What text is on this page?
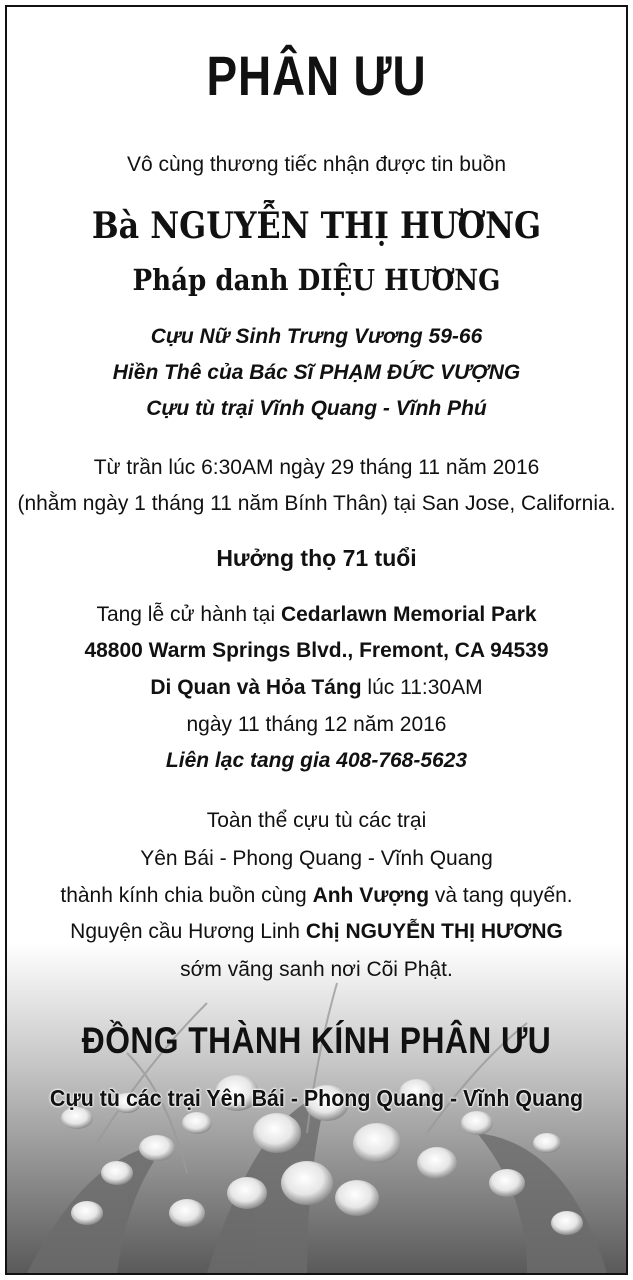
PHÂN ƯU
Vô cùng thương tiếc nhận được tin buồn
Bà NGUYỄN THỊ HƯƠNG
Pháp danh DIỆU HƯƠNG
Cựu Nữ Sinh Trưng Vương 59-66
Hiền Thê của Bác Sĩ PHẠM ĐỨC VƯỢNG
Cựu tù trại Vĩnh Quang - Vĩnh Phú
Từ trần lúc 6:30AM ngày 29 tháng 11 năm 2016
(nhằm ngày 1 tháng 11 năm Bính Thân) tại San Jose, California.
Hưởng thọ 71 tuổi
Tang lễ cử hành tại Cedarlawn Memorial Park
48800 Warm Springs Blvd., Fremont, CA 94539
Di Quan và Hỏa Táng lúc 11:30AM
ngày 11 tháng 12 năm 2016
Liên lạc tang gia 408-768-5623
Toàn thể cựu tù các trại
Yên Bái - Phong Quang - Vĩnh Quang
thành kính chia buồn cùng Anh Vượng và tang quyến.
Nguyện cầu Hương Linh Chị NGUYỄN THỊ HƯƠNG
sớm vãng sanh nơi Cõi Phật.
ĐỒNG THÀNH KÍNH PHÂN ƯU
Cựu tù các trại Yên Bái - Phong Quang - Vĩnh Quang
